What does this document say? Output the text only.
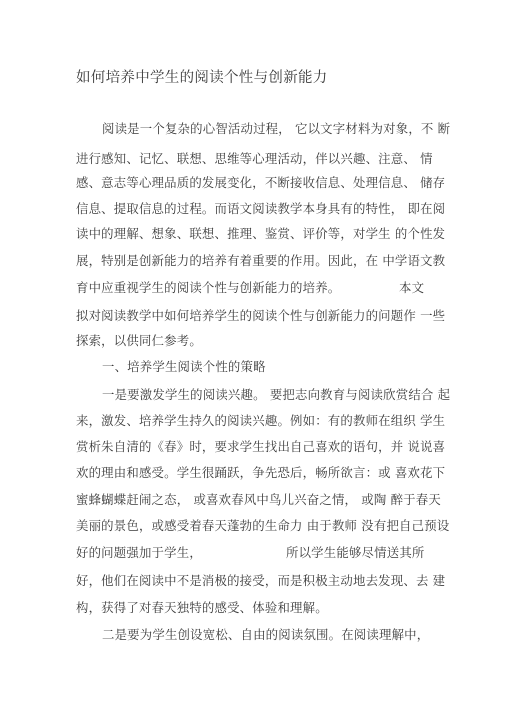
如何培养中学生的阅读个性与创新能力
阅读是一个复杂的心智活动过程， 它以文字材料为对象，不 断
进行感知、记忆、联想、思维等心理活动，伴以兴趣、注意、 情
感、意志等心理品质的发展变化，不断接收信息、处理信息、 储存
信息、提取信息的过程。而语文阅读教学本身具有的特性， 即在阅
读中的理解、想象、联想、推理、鉴赏、评价等，对学生 的个性发
展，特别是创新能力的培养有着重要的作用。因此，在 中学语文教
育中应重视学生的阅读个性与创新能力的培养。	本文
拟对阅读教学中如何培养学生的阅读个性与创新能力的问题作 一些
探索，以供同仁参考。
一、培养学生阅读个性的策略
一是要激发学生的阅读兴趣。 要把志向教育与阅读欣赏结合 起
来，激发、培养学生持久的阅读兴趣。例如：有的教师在组织 学生
赏析朱自清的《春》时，要求学生找出自己喜欢的语句，并 说说喜
欢的理由和感受。学生很踊跃，争先恐后，畅所欲言：或 喜欢花下
蜜蜂蝴蝶赶闹之态， 或喜欢春风中鸟儿兴奋之情， 或陶 醉于春天
美丽的景色，或感受着春天蓬勃的生命力 由于教师 没有把自己预设
好的问题强加于学生，	所以学生能够尽情送其所
好，他们在阅读中不是消极的接受，而是积极主动地去发现、去 建
构，获得了对春天独特的感受、体验和理解。
二是要为学生创设宽松、自由的阅读氛围。在阅读理解中，
